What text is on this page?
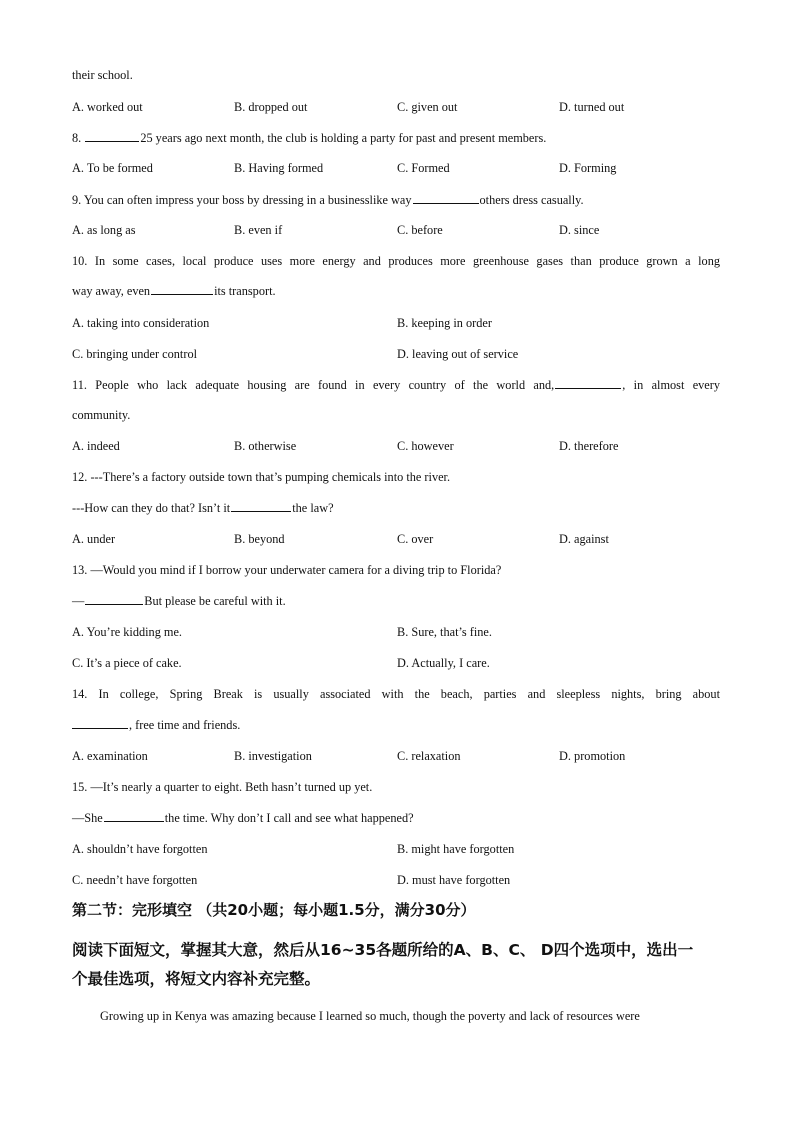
their school.
A. worked out	B. dropped out	C. given out	D. turned out
8.	25 years ago next month, the club is holding a party for past and present members.
A. To be formed	B. Having formed	C. Formed	D. Forming
9. You can often impress your boss by dressing in a businesslike way	others dress casually.
A. as long as	B. even if	C. before	D. since
10. In some cases, local produce uses more energy and produces more greenhouse gases than produce grown a long
way away, even	its transport.
A. taking into consideration	B. keeping in order
C. bringing under control	D. leaving out of service
11. People who lack adequate housing are found in every country of the world and,	, in almost every
community.
A. indeed	B. otherwise	C. however	D. therefore
12. ---There’s a factory outside town that’s pumping chemicals into the river.
---How can they do that? Isn’t it	the law?
A. under	B. beyond	C. over	D. against
13. —Would you mind if I borrow your underwater camera for a diving trip to Florida?
—	But please be careful with it.
A. You’re kidding me.	B. Sure, that’s fine.
C. It’s a piece of cake.	D. Actually, I care.
14. In college, Spring Break is usually associated with the beach, parties and sleepless nights, bring about
, free time and friends.
A. examination	B. investigation	C. relaxation	D. promotion
15. —It’s nearly a quarter to eight. Beth hasn’t turned up yet.
—She	the time. Why don’t I call and see what happened?
A. shouldn’t have forgotten	B. might have forgotten
C. needn’t have forgotten	D. must have forgotten
第二节：完形填空 （共20小题；每小题1.5分，满分30分）
阅读下面短文，掌握其大意，然后从16~35各题所给的A、B、C、 D四个选项中，选出一
个最佳选项，将短文内容补充完整。
Growing up in Kenya was amazing because I learned so much, though the poverty and lack of resources were
